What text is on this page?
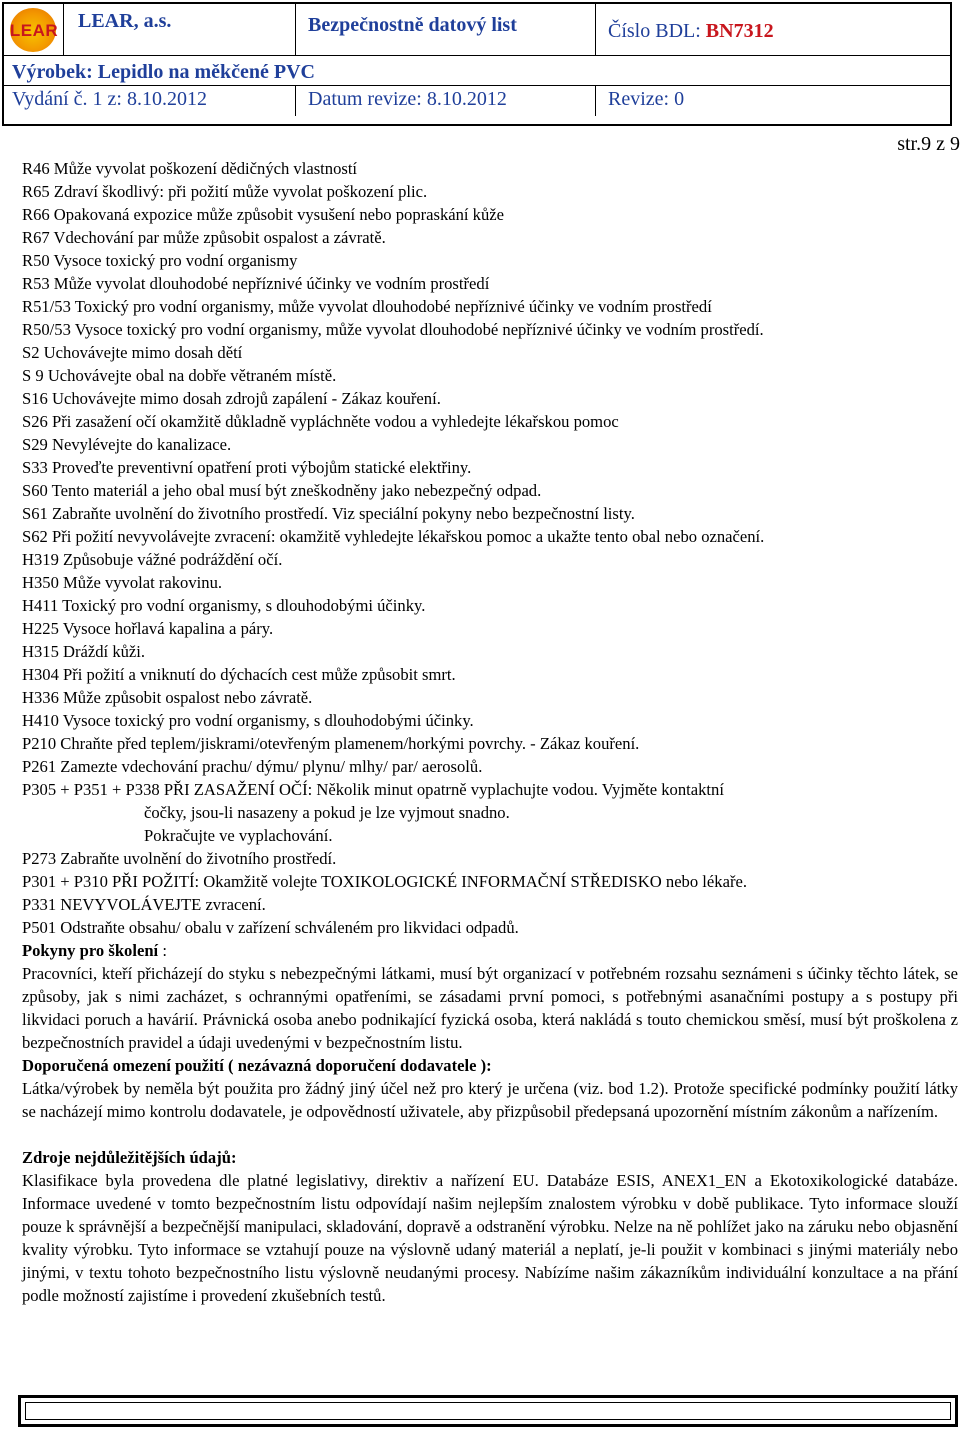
LEAR LEAR, a.s.	Bezpečnostně datový list	Číslo BDL: BN7312
Výrobek: Lepidlo na měkčené PVC
Vydání č. 1 z: 8.10.2012	Datum revize: 8.10.2012	Revize: 0
str.9 z 9
R46 Může vyvolat poškození dědičných vlastností
R65 Zdraví škodlivý: při požití může vyvolat poškození plic.
R66 Opakovaná expozice může způsobit vysušení nebo popraskání kůže
R67 Vdechování par může způsobit ospalost a závratě.
R50 Vysoce toxický pro vodní organismy
R53 Může vyvolat dlouhodobé nepříznivé účinky ve vodním prostředí
R51/53 Toxický pro vodní organismy, může vyvolat dlouhodobé nepříznivé účinky ve vodním prostředí
R50/53 Vysoce toxický pro vodní organismy, může vyvolat dlouhodobé nepříznivé účinky ve vodním prostředí.
S2 Uchovávejte mimo dosah dětí
S 9 Uchovávejte obal na dobře větraném místě.
S16 Uchovávejte mimo dosah zdrojů zapálení - Zákaz kouření.
S26 Při zasažení očí okamžitě důkladně vypláchněte vodou a vyhledejte lékařskou pomoc
S29 Nevylévejte do kanalizace.
S33 Proveďte preventivní opatření proti výbojům statické elektřiny.
S60 Tento materiál a jeho obal musí být zneškodněny jako nebezpečný odpad.
S61 Zabraňte uvolnění do životního prostředí. Viz speciální pokyny nebo bezpečnostní listy.
S62 Při požití nevyvolávejte zvracení: okamžitě vyhledejte lékařskou pomoc a ukažte tento obal nebo označení.
H319 Způsobuje vážné podráždění očí.
H350 Může vyvolat rakovinu.
H411 Toxický pro vodní organismy, s dlouhodobými účinky.
H225 Vysoce hořlavá kapalina a páry.
H315 Dráždí kůži.
H304 Při požití a vniknutí do dýchacích cest může způsobit smrt.
H336 Může způsobit ospalost nebo závratě.
H410 Vysoce toxický pro vodní organismy, s dlouhodobými účinky.
P210 Chraňte před teplem/jiskrami/otevřeným plamenem/horkými povrchy. - Zákaz kouření.
P261 Zamezte vdechování prachu/ dýmu/ plynu/ mlhy/ par/ aerosolů.
P305 + P351 + P338 PŘI ZASAŽENÍ OČÍ: Několik minut opatrně vyplachujte vodou. Vyjměte kontaktní
čočky, jsou-li nasazeny a pokud je lze vyjmout snadno.
Pokračujte ve vyplachování.
P273 Zabraňte uvolnění do životního prostředí.
P301 + P310 PŘI POŽITÍ: Okamžitě volejte TOXIKOLOGICKÉ INFORMAČNÍ STŘEDISKO nebo lékaře.
P331 NEVYVOLÁVEJTE zvracení.
P501 Odstraňte obsahu/ obalu v zařízení schváleném pro likvidaci odpadů.
Pokyny pro školení :
Pracovníci, kteří přicházejí do styku s nebezpečnými látkami, musí být organizací v potřebném rozsahu seznámeni s účinky těchto látek, se způsoby, jak s nimi zacházet, s ochrannými opatřeními, se zásadami první pomoci, s potřebnými asanačními postupy a s postupy při likvidaci poruch a havárií. Právnická osoba anebo podnikající fyzická osoba, která nakládá s touto chemickou směsí, musí být proškolena z bezpečnostních pravidel a údaji uvedenými v bezpečnostním listu.
Doporučená omezení použití ( nezávazná doporučení dodavatele ):
Látka/výrobek by neměla být použita pro žádný jiný účel než pro který je určena (viz. bod 1.2). Protože specifické podmínky použití látky se nacházejí mimo kontrolu dodavatele, je odpovědností uživatele, aby přizpůsobil předepsaná upozornění místním zákonům a nařízením.
Zdroje nejdůležitějších údajů:
Klasifikace byla provedena dle platné legislativy, direktiv a nařízení EU. Databáze ESIS, ANEX1_EN a Ekotoxikologické databáze. Informace uvedené v tomto bezpečnostním listu odpovídají našim nejlepším znalostem výrobku v době publikace. Tyto informace slouží pouze k správnější a bezpečnější manipulaci, skladování, dopravě a odstranění výrobku. Nelze na ně pohlížet jako na záruku nebo objasnění kvality výrobku. Tyto informace se vztahují pouze na výslovně udaný materiál a neplatí, je-li použit v kombinaci s jinými materiály nebo jinými, v textu tohoto bezpečnostního listu výslovně neudanými procesy. Nabízíme našim zákazníkům individuální konzultace a na přání podle možností zajistíme i provedení zkušebních testů.
